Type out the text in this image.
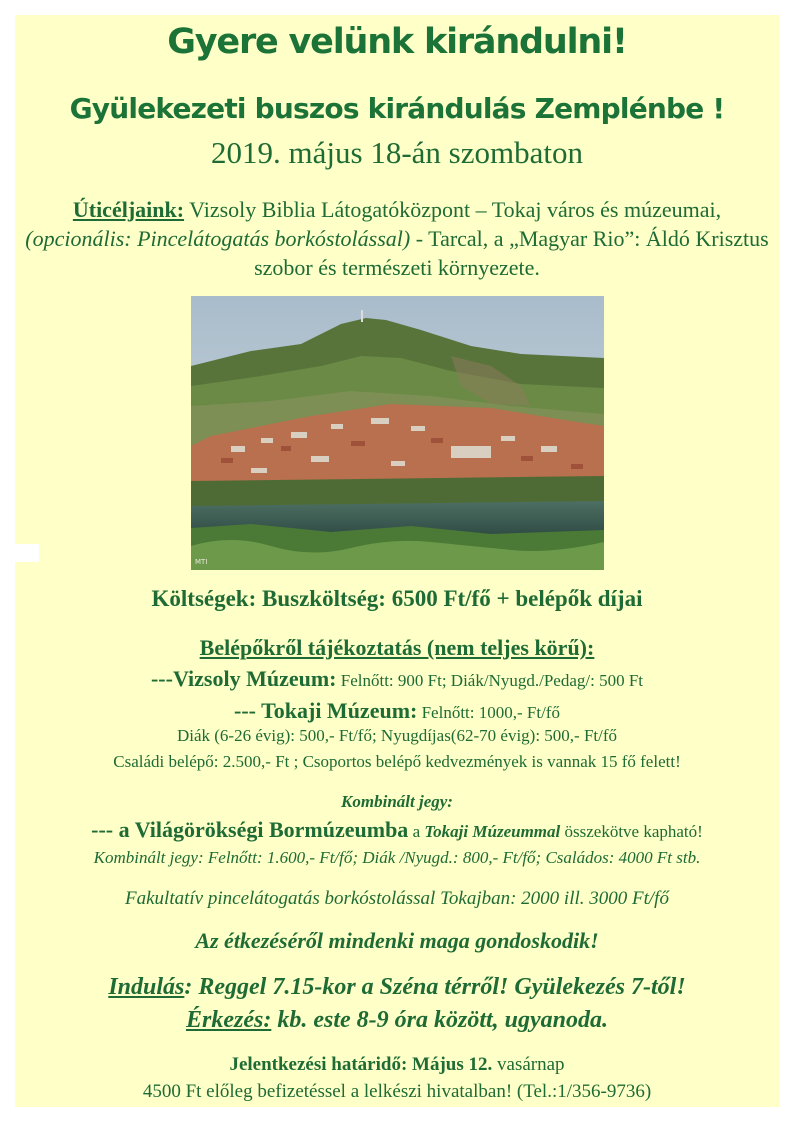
Gyere velünk kirándulni!

Gyülekezeti buszos kirándulás Zemplénbe !

2019. május 18-án szombaton

Úticéljaink: Vizsoly Biblia Látogatóközpont – Tokaj város és múzeumai, (opcionális: Pincelátogatás borkóstolással) - Tarcal, a „Magyar Rio”: Áldó Krisztus szobor és természeti környezete.

MTI

Költségek: Buszköltség: 6500 Ft/fő + belépők díjai

Belépőkről tájékoztatás (nem teljes körű):

---Vizsoly Múzeum: Felnőtt: 900 Ft; Diák/Nyugd./Pedag/: 500 Ft

--- Tokaji Múzeum: Felnőtt: 1000,- Ft/fő

Diák (6-26 évig): 500,- Ft/fő; Nyugdíjas(62-70 évig): 500,- Ft/fő

Családi belépő: 2.500,- Ft ; Csoportos belépő kedvezmények is vannak 15 fő felett!

Kombinált jegy:

--- a Világörökségi Bormúzeumba a Tokaji Múzeummal összekötve kapható!

Kombinált jegy: Felnőtt: 1.600,- Ft/fő; Diák /Nyugd.: 800,- Ft/fő; Családos: 4000 Ft stb.

Fakultatív pincelátogatás borkóstolással Tokajban: 2000 ill. 3000 Ft/fő

Az étkezéséről mindenki maga gondoskodik!

Indulás: Reggel 7.15-kor a Széna térről! Gyülekezés 7-től!

Érkezés: kb. este 8-9 óra között, ugyanoda.

Jelentkezési határidő: Május 12. vasárnap

4500 Ft előleg befizetéssel a lelkészi hivatalban! (Tel.:1/356-9736)
